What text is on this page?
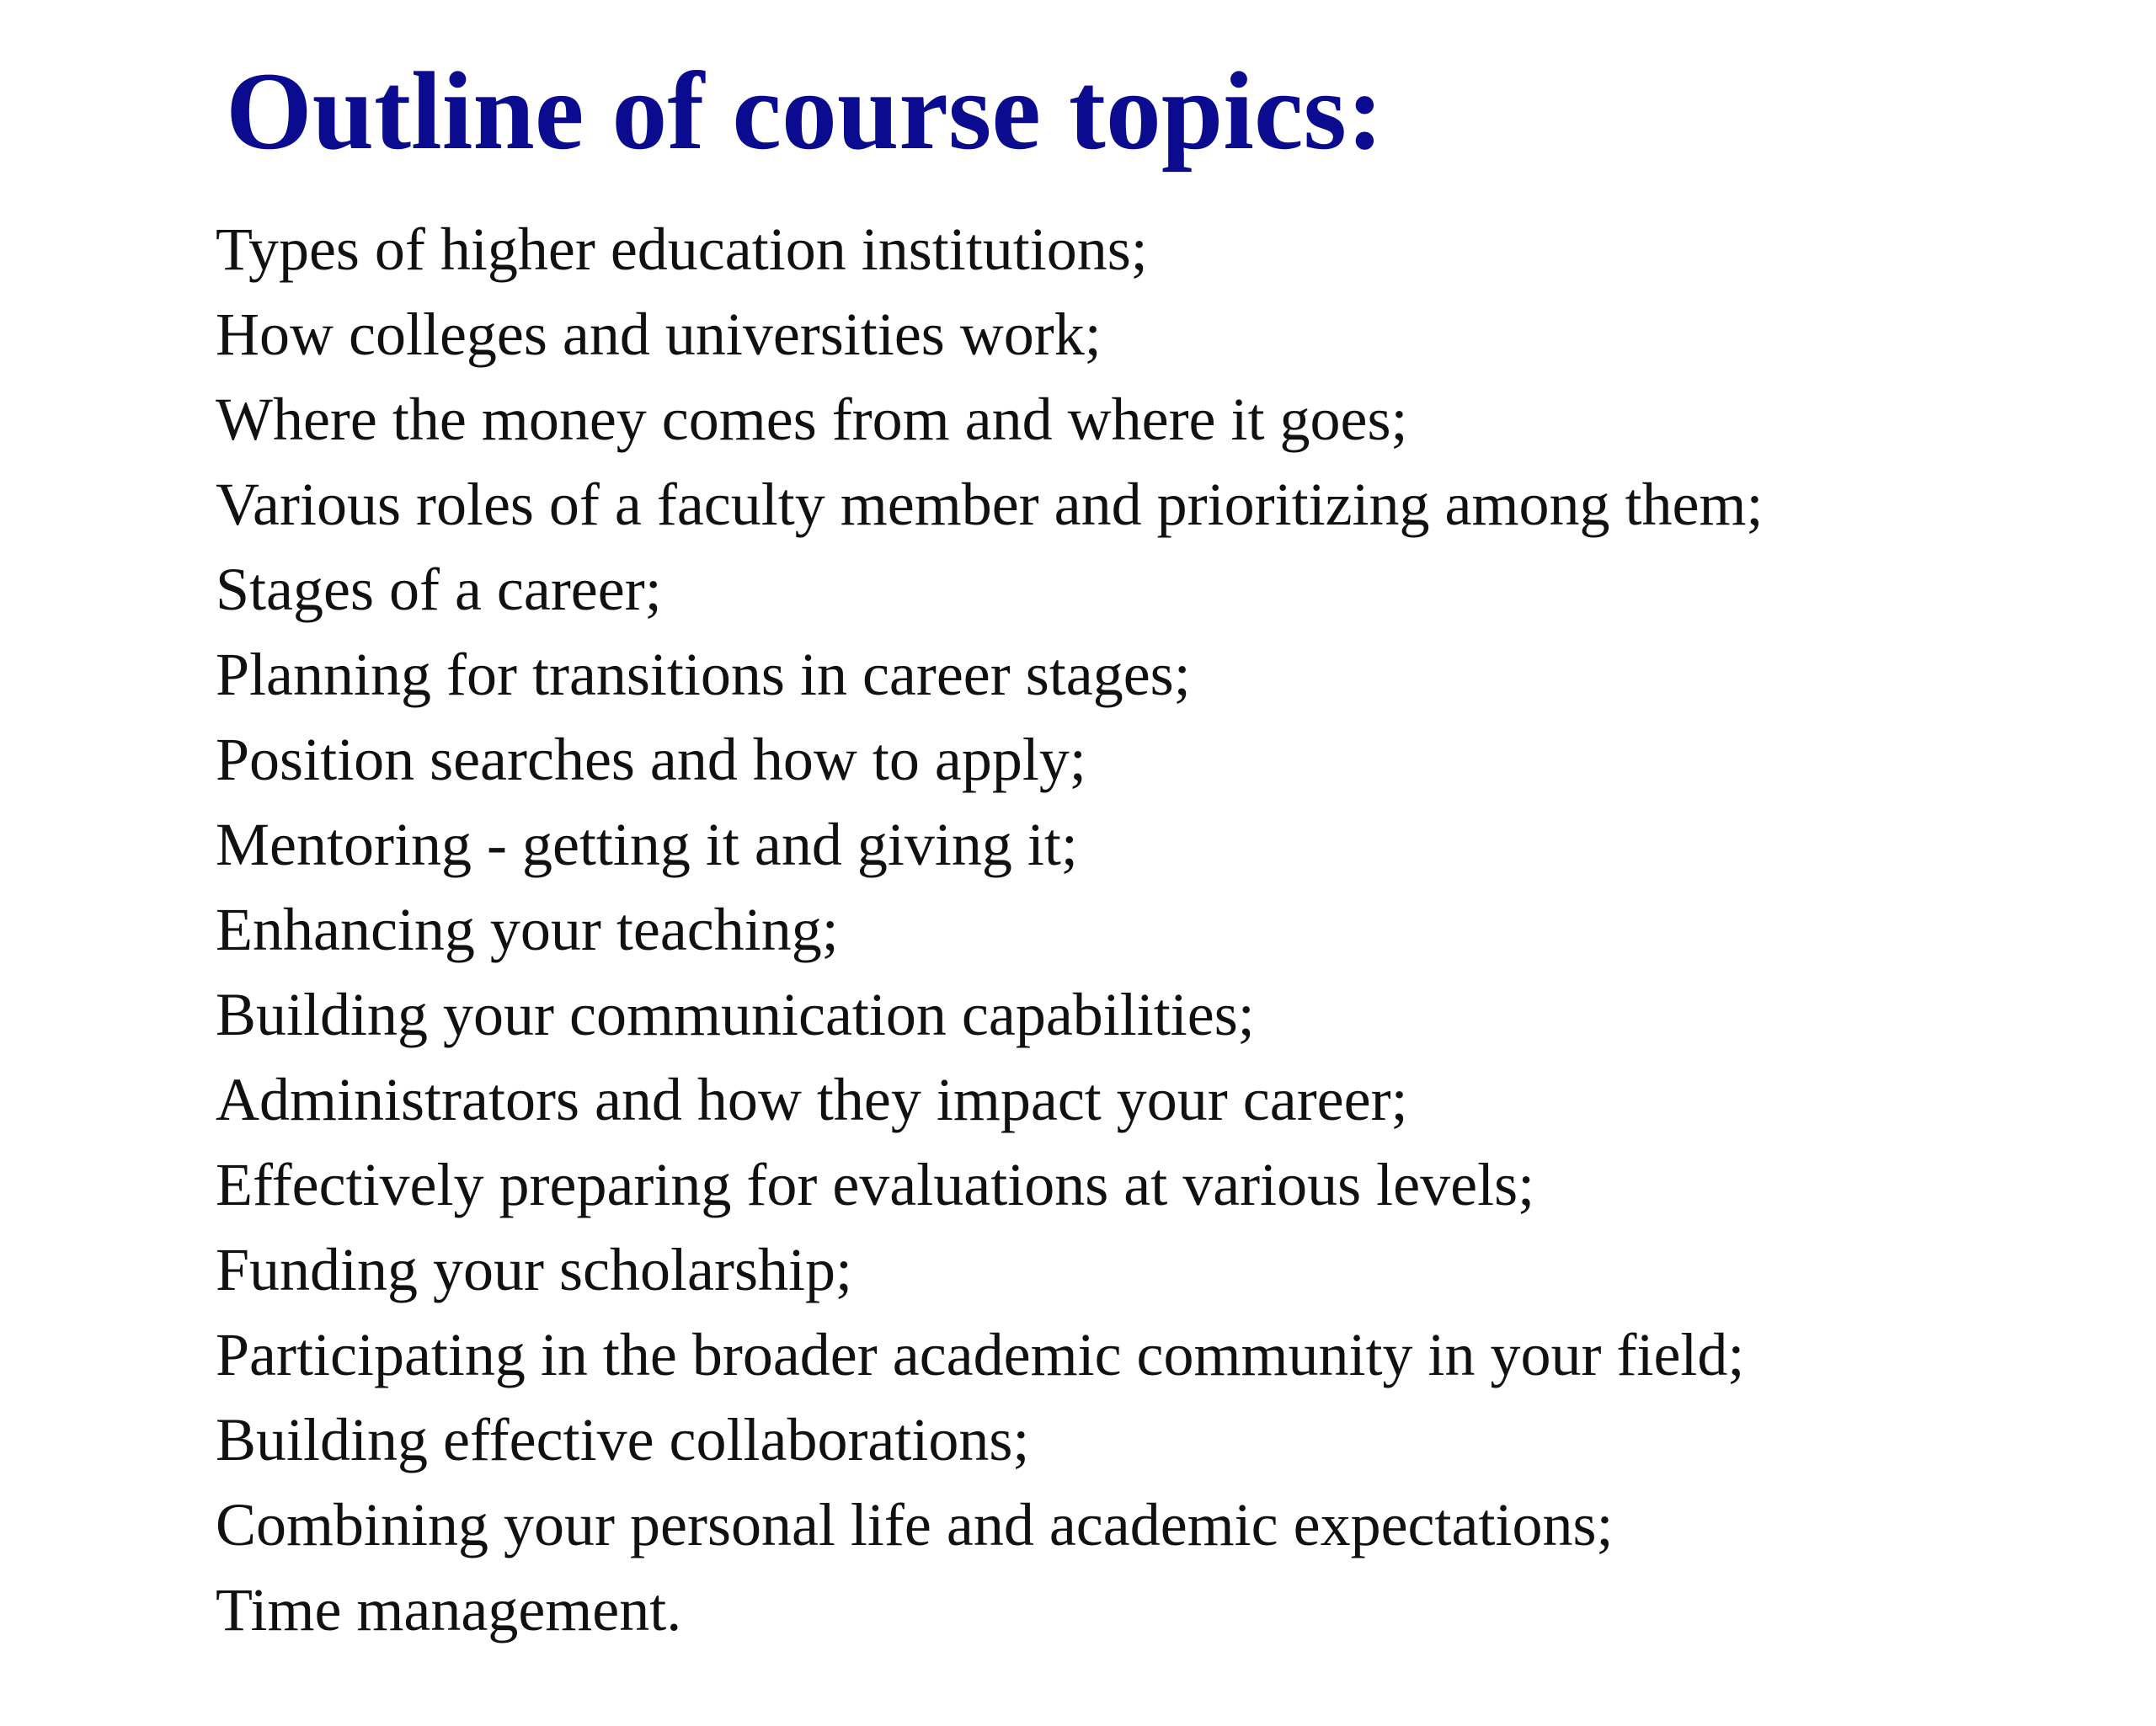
Outline of course topics:
Types of higher education institutions;
How colleges and universities work;
Where the money comes from and where it goes;
Various roles of a faculty member and prioritizing among them;
Stages of a career;
Planning for transitions in career stages;
Position searches and how to apply;
Mentoring - getting it and giving it;
Enhancing your teaching;
Building your communication capabilities;
Administrators and how they impact your career;
Effectively preparing for evaluations at various levels;
Funding your scholarship;
Participating in the broader academic community in your field;
Building effective collaborations;
Combining your personal life and academic expectations;
Time management.
